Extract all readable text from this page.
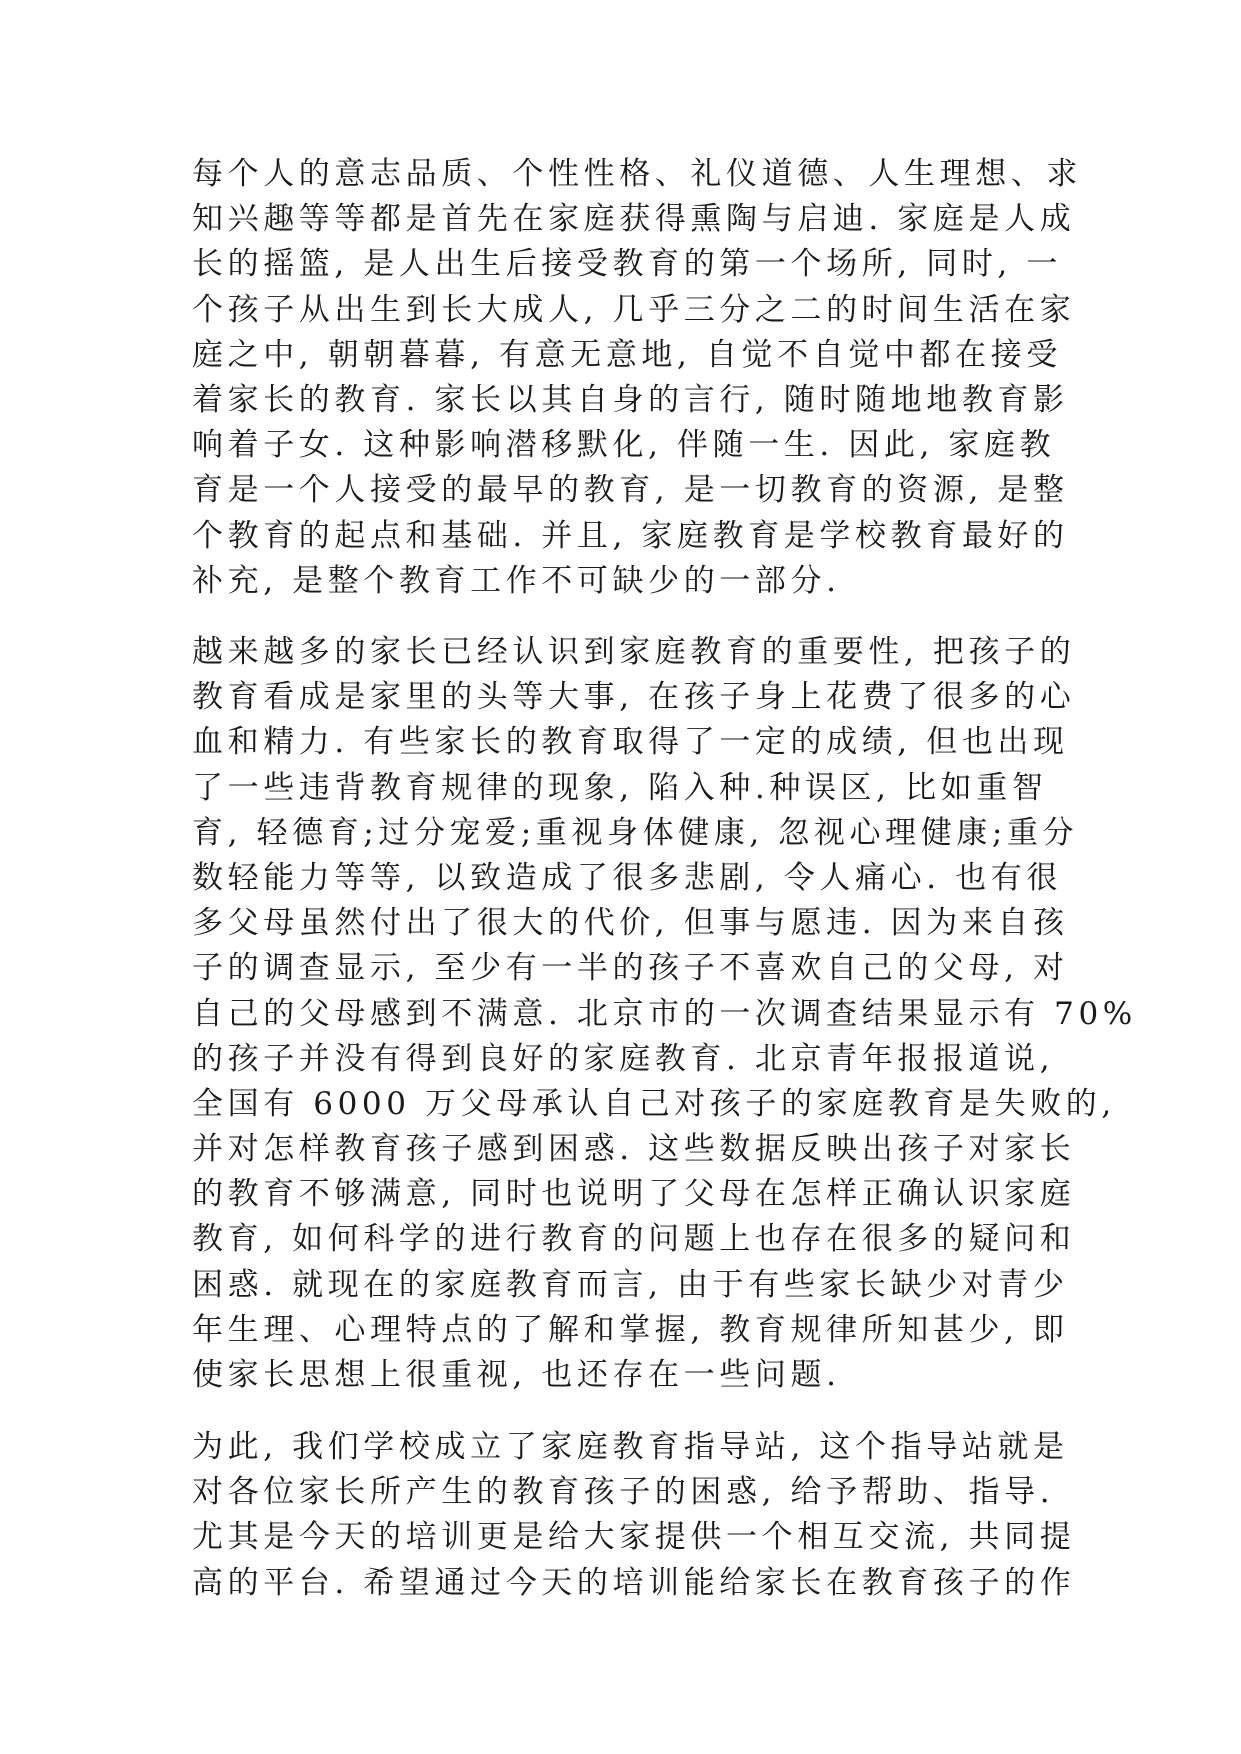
每个人的意志品质、个性性格、礼仪道德、人生理想、求
知兴趣等等都是首先在家庭获得熏陶与启迪. 家庭是人成
长的摇篮, 是人出生后接受教育的第一个场所, 同时, 一
个孩子从出生到长大成人, 几乎三分之二的时间生活在家
庭之中, 朝朝暮暮, 有意无意地, 自觉不自觉中都在接受
着家长的教育. 家长以其自身的言行, 随时随地地教育影
响着子女. 这种影响潜移默化, 伴随一生. 因此, 家庭教
育是一个人接受的最早的教育, 是一切教育的资源, 是整
个教育的起点和基础. 并且, 家庭教育是学校教育最好的
补充, 是整个教育工作不可缺少的一部分.
越来越多的家长已经认识到家庭教育的重要性, 把孩子的
教育看成是家里的头等大事, 在孩子身上花费了很多的心
血和精力. 有些家长的教育取得了一定的成绩, 但也出现
了一些违背教育规律的现象, 陷入种.种误区, 比如重智
育, 轻德育;过分宠爱;重视身体健康, 忽视心理健康;重分
数轻能力等等, 以致造成了很多悲剧, 令人痛心. 也有很
多父母虽然付出了很大的代价, 但事与愿违. 因为来自孩
子的调查显示, 至少有一半的孩子不喜欢自己的父母, 对
自己的父母感到不满意. 北京市的一次调查结果显示有 70%
的孩子并没有得到良好的家庭教育. 北京青年报报道说,
全国有 6000 万父母承认自己对孩子的家庭教育是失败的,
并对怎样教育孩子感到困惑. 这些数据反映出孩子对家长
的教育不够满意, 同时也说明了父母在怎样正确认识家庭
教育, 如何科学的进行教育的问题上也存在很多的疑问和
困惑. 就现在的家庭教育而言, 由于有些家长缺少对青少
年生理、心理特点的了解和掌握, 教育规律所知甚少, 即
使家长思想上很重视, 也还存在一些问题.
为此, 我们学校成立了家庭教育指导站, 这个指导站就是
对各位家长所产生的教育孩子的困惑, 给予帮助、指导.
尤其是今天的培训更是给大家提供一个相互交流, 共同提
高的平台. 希望通过今天的培训能给家长在教育孩子的作
